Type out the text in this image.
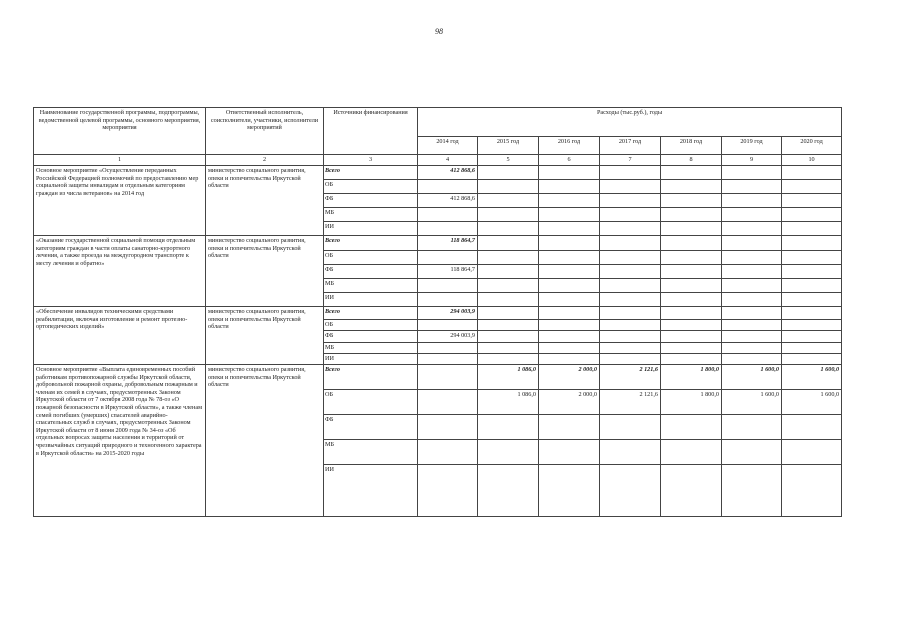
98
Наименование государственной программы, подпрограммы, ведомственной целевой программы, основного мероприятия, мероприятия	Ответственный исполнитель, соисполнители, участники, исполнители мероприятий	Источники финансирования	Расходы (тыс.руб.), годы						
			2014 год	2015 год	2016 год	2017 год	2018 год	2019 год	2020 год
1	2	3	4	5	6	7	8	9	10
Основное мероприятие «Осуществление переданных Российской Федерацией полномочий по предоставлению мер социальной защиты инвалидам и отдельным категориям граждан из числа ветеранов» на 2014 год	министерство социального развития, опеки и попечительства Иркутской области	Всего	412 868,6						
		ОБ							
		ФБ	412 868,6						
		МБ							
		ИИ							
«Оказание государственной социальной помощи отдельным категориям граждан в части оплаты санаторно-курортного лечения, а также проезда на междугородном транспорте к месту лечения и обратно»	министерство социального развития, опеки и попечительства Иркутской области	Всего	118 864,7						
		ОБ							
		ФБ	118 864,7						
		МБ							
		ИИ							
«Обеспечение инвалидов техническими средствами реабилитации, включая изготовление и ремонт протезно-ортопедических изделий»	министерство социального развития, опеки и попечительства Иркутской области	Всего	294 003,9						
		ОБ							
		ФБ	294 003,9						
		МБ							
		ИИ							
Основное мероприятие «Выплата единовременных пособий работникам противопожарной службы Иркутской области, добровольной пожарной охраны, добровольным пожарным и членам их семей в случаях, предусмотренных Законом Иркутской области от 7 октября 2008 года № 78-оз «О пожарной безопасности в Иркутской области», а также членам семей погибших (умерших) спасателей аварийно-спасательных служб в случаях, предусмотренных Законом Иркутской области от 8 июня 2009 года № 34-оз «Об отдельных вопросах защиты населения и территорий от чрезвычайных ситуаций природного и техногенного характера в Иркутской области» на 2015-2020 годы	министерство социального развития, опеки и попечительства Иркутской области	Всего		1 086,0	2 000,0	2 121,6	1 800,0	1 600,0	1 600,0
		ОБ		1 086,0	2 000,0	2 121,6	1 800,0	1 600,0	1 600,0
		ФБ							
		МБ							
		ИИ							
